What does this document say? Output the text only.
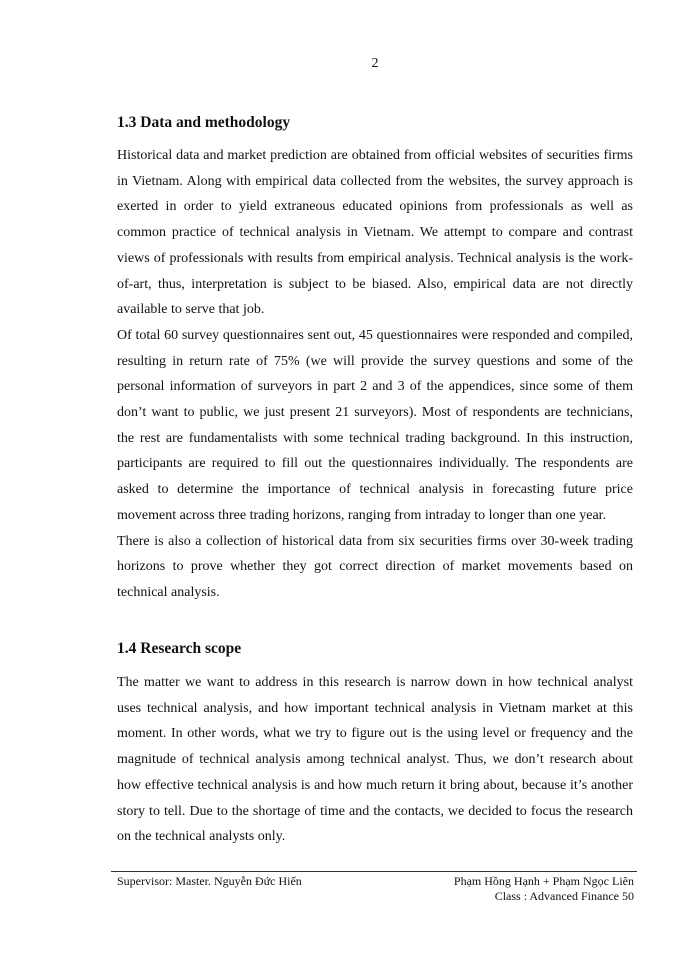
2
1.3 Data and methodology

Historical data and market prediction are obtained from official websites of securities firms in Vietnam. Along with empirical data collected from the websites, the survey approach is exerted in order to yield extraneous educated opinions from professionals as well as common practice of technical analysis in Vietnam. We attempt to compare and contrast views of professionals with results from empirical analysis. Technical analysis is the work-of-art, thus, interpretation is subject to be biased. Also, empirical data are not directly available to serve that job.

Of total 60 survey questionnaires sent out, 45 questionnaires were responded and compiled, resulting in return rate of 75% (we will provide the survey questions and some of the personal information of surveyors in part 2 and 3 of the appendices, since some of them don’t want to public, we just present 21 surveyors). Most of respondents are technicians, the rest are fundamentalists with some technical trading background. In this instruction, participants are required to fill out the questionnaires individually. The respondents are asked to determine the importance of technical analysis in forecasting future price movement across three trading horizons, ranging from intraday to longer than one year.

There is also a collection of historical data from six securities firms over 30-week trading horizons to prove whether they got correct direction of market movements based on technical analysis.

1.4 Research scope

The matter we want to address in this research is narrow down in how technical analyst uses technical analysis, and how important technical analysis in Vietnam market at this moment. In other words, what we try to figure out is the using level or frequency and the magnitude of technical analysis among technical analyst. Thus, we don’t research about how effective technical analysis is and how much return it bring about, because it’s another story to tell. Due to the shortage of time and the contacts, we decided to focus the research on the technical analysts only.

Supervisor: Master. Nguyễn Đức Hiển	Phạm Hồng Hạnh + Phạm Ngọc Liên
Class : Advanced Finance 50
